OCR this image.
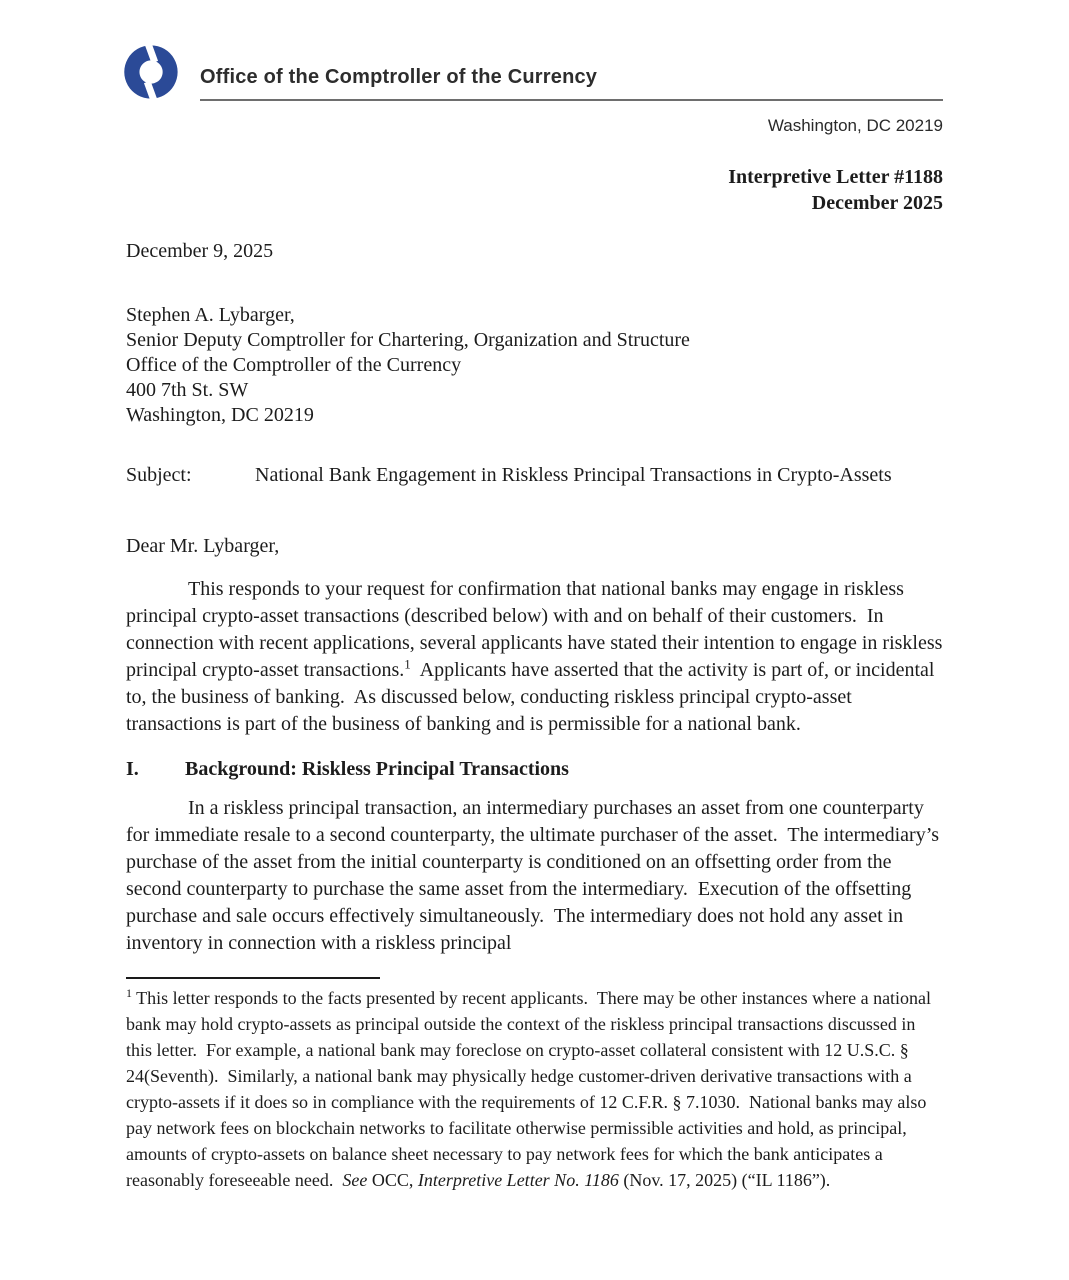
Office of the Comptroller of the Currency
Washington, DC 20219
Interpretive Letter #1188
December 2025
December 9, 2025
Stephen A. Lybarger,
Senior Deputy Comptroller for Chartering, Organization and Structure
Office of the Comptroller of the Currency
400 7th St. SW
Washington, DC 20219
Subject:	National Bank Engagement in Riskless Principal Transactions in Crypto-Assets
Dear Mr. Lybarger,

This responds to your request for confirmation that national banks may engage in riskless principal crypto-asset transactions (described below) with and on behalf of their customers.  In connection with recent applications, several applicants have stated their intention to engage in riskless principal crypto-asset transactions.$^1$  Applicants have asserted that the activity is part of, or incidental to, the business of banking.  As discussed below, conducting riskless principal crypto-asset transactions is part of the business of banking and is permissible for a national bank.

I.	Background: Riskless Principal Transactions

In a riskless principal transaction, an intermediary purchases an asset from one counterparty for immediate resale to a second counterparty, the ultimate purchaser of the asset.  The intermediary’s purchase of the asset from the initial counterparty is conditioned on an offsetting order from the second counterparty to purchase the same asset from the intermediary.  Execution of the offsetting purchase and sale occurs effectively simultaneously.  The intermediary does not hold any asset in inventory in connection with a riskless principal

$^1$ This letter responds to the facts presented by recent applicants.  There may be other instances where a national bank may hold crypto-assets as principal outside the context of the riskless principal transactions discussed in this letter.  For example, a national bank may foreclose on crypto-asset collateral consistent with 12 U.S.C. § 24(Seventh).  Similarly, a national bank may physically hedge customer-driven derivative transactions with a crypto-assets if it does so in compliance with the requirements of 12 C.F.R. § 7.1030.  National banks may also pay network fees on blockchain networks to facilitate otherwise permissible activities and hold, as principal, amounts of crypto-assets on balance sheet necessary to pay network fees for which the bank anticipates a reasonably foreseeable need.  See OCC, Interpretive Letter No. 1186 (Nov. 17, 2025) (“IL 1186”).
